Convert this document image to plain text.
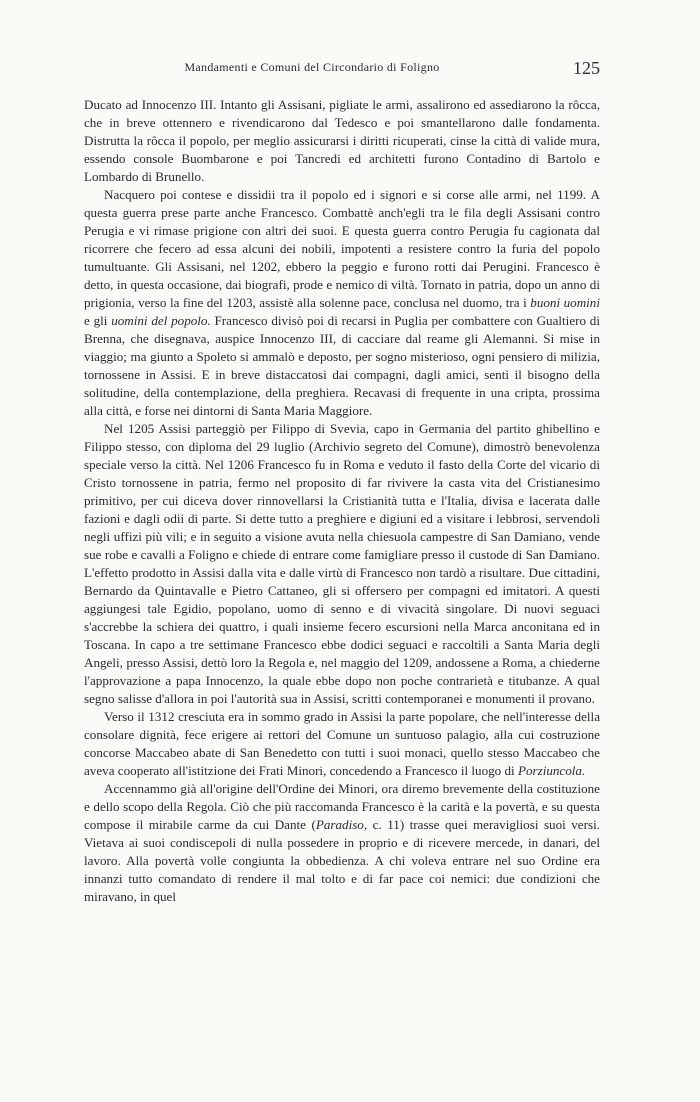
Mandamenti e Comuni del Circondario di Foligno	125

Ducato ad Innocenzo III. Intanto gli Assisani, pigliate le armi, assalirono ed assediarono la rôcca, che in breve ottennero e rivendicarono dal Tedesco e poi smantellarono dalle fondamenta. Distrutta la rôcca il popolo, per meglio assicurarsi i diritti ricuperati, cinse la città di valide mura, essendo console Buombarone e poi Tancredi ed architetti furono Contadino di Bartolo e Lombardo di Brunello.

Nacquero poi contese e dissidii tra il popolo ed i signori e si corse alle armi, nel 1199. A questa guerra prese parte anche Francesco. Combattè anch'egli tra le fila degli Assisani contro Perugia e vi rimase prigione con altri dei suoi. E questa guerra contro Perugia fu cagionata dal ricorrere che fecero ad essa alcuni dei nobili, impotenti a resistere contro la furia del popolo tumultuante. Gli Assisani, nel 1202, ebbero la peggio e furono rotti dai Perugini. Francesco è detto, in questa occasione, dai biografi, prode e nemico di viltà. Tornato in patria, dopo un anno di prigionia, verso la fine del 1203, assistè alla solenne pace, conclusa nel duomo, tra i buoni uomini e gli uomini del popolo. Francesco divisò poi di recarsi in Puglia per combattere con Gualtiero di Brenna, che disegnava, auspice Innocenzo III, di cacciare dal reame gli Alemanni. Si mise in viaggio; ma giunto a Spoleto si ammalò e deposto, per sogno misterioso, ogni pensiero di milizia, tornossene in Assisi. E in breve distaccatosi dai compagni, dagli amici, sentì il bisogno della solitudine, della contemplazione, della preghiera. Recavasi di frequente in una cripta, prossima alla città, e forse nei dintorni di Santa Maria Maggiore.

Nel 1205 Assisi parteggiò per Filippo di Svevia, capo in Germania del partito ghibellino e Filippo stesso, con diploma del 29 luglio (Archivio segreto del Comune), dimostrò benevolenza speciale verso la città. Nel 1206 Francesco fu in Roma e veduto il fasto della Corte del vicario di Cristo tornossene in patria, fermo nel proposito di far rivivere la casta vita del Cristianesimo primitivo, per cui diceva dover rinnovellarsi la Cristianità tutta e l'Italia, divisa e lacerata dalle fazioni e dagli odii di parte. Si dette tutto a preghiere e digiuni ed a visitare i lebbrosi, servendoli negli uffizi più vili; e in seguito a visione avuta nella chiesuola campestre di San Damiano, vende sue robe e cavalli a Foligno e chiede di entrare come famigliare presso il custode di San Damiano. L'effetto prodotto in Assisi dalla vita e dalle virtù di Francesco non tardò a risultare. Due cittadini, Bernardo da Quintavalle e Pietro Cattaneo, gli si offersero per compagni ed imitatori. A questi aggiungesi tale Egidio, popolano, uomo di senno e di vivacità singolare. Di nuovi seguaci s'accrebbe la schiera dei quattro, i quali insieme fecero escursioni nella Marca anconitana ed in Toscana. In capo a tre settimane Francesco ebbe dodici seguaci e raccoltili a Santa Maria degli Angeli, presso Assisi, dettò loro la Regola e, nel maggio del 1209, andossene a Roma, a chiederne l'approvazione a papa Innocenzo, la quale ebbe dopo non poche contrarietà e titubanze. A qual segno salisse d'allora in poi l'autorità sua in Assisi, scritti contemporanei e monumenti il provano.

Verso il 1312 cresciuta era in sommo grado in Assisi la parte popolare, che nell'interesse della consolare dignità, fece erigere ai rettori del Comune un suntuoso palagio, alla cui costruzione concorse Maccabeo abate di San Benedetto con tutti i suoi monaci, quello stesso Maccabeo che aveva cooperato all'istitzione dei Frati Minori, concedendo a Francesco il luogo di Porziuncola.

Accennammo già all'origine dell'Ordine dei Minori, ora diremo brevemente della costituzione e dello scopo della Regola. Ciò che più raccomanda Francesco è la carità e la povertà, e su questa compose il mirabile carme da cui Dante (Paradiso, c. 11) trasse quei meravigliosi suoi versi. Vietava ai suoi condiscepoli di nulla possedere in proprio e di ricevere mercede, in danari, del lavoro. Alla povertà volle congiunta la obbedienza. A chi voleva entrare nel suo Ordine era innanzi tutto comandato di rendere il mal tolto e di far pace coi nemici: due condizioni che miravano, in quel
